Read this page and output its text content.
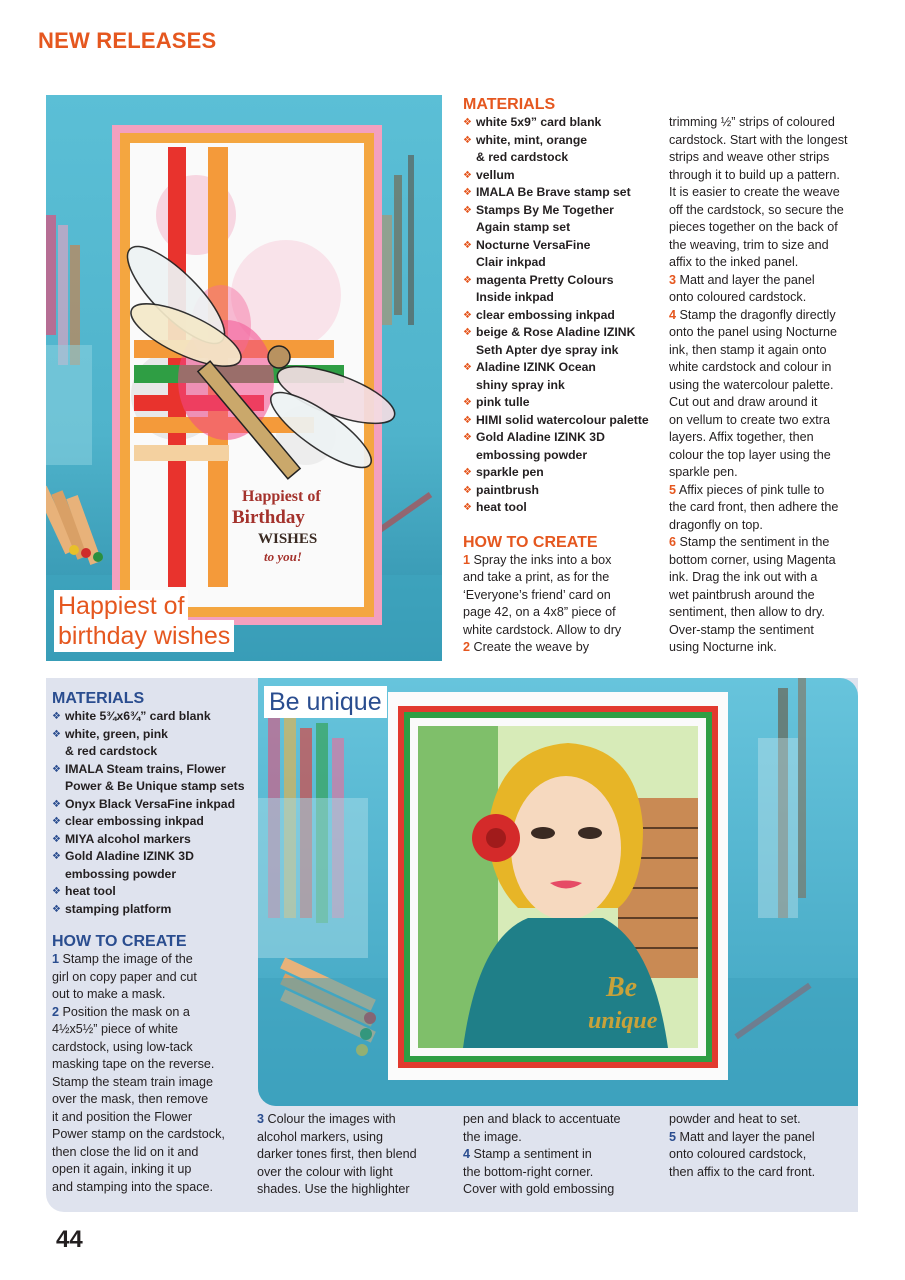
NEW RELEASES
Happiest of
Birthday
WISHES
to you!
Happiest of
birthday wishes

MATERIALS

❖ white 5x9” card blank
❖ white, mint, orange
& red cardstock
❖ vellum
❖ IMALA Be Brave stamp set
❖ Stamps By Me Together
Again stamp set
❖ Nocturne VersaFine
Clair inkpad
❖ magenta Pretty Colours
Inside inkpad
❖ clear embossing inkpad
❖ beige & Rose Aladine IZINK
Seth Apter dye spray ink
❖ Aladine IZINK Ocean
shiny spray ink
❖ pink tulle
❖ HIMI solid watercolour palette
❖ Gold Aladine IZINK 3D
embossing powder
❖ sparkle pen
❖ paintbrush
❖ heat tool

HOW TO CREATE

1 Spray the inks into a box

and take a print, as for the

‘Everyone’s friend’ card on

page 42, on a 4x8” piece of

white cardstock. Allow to dry

2 Create the weave by

trimming ½” strips of coloured

cardstock. Start with the longest

strips and weave other strips

through it to build up a pattern.

It is easier to create the weave

off the cardstock, so secure the

pieces together on the back of

the weaving, trim to size and

affix to the inked panel.

3 Matt and layer the panel

onto coloured cardstock.

4 Stamp the dragonfly directly

onto the panel using Nocturne

ink, then stamp it again onto

white cardstock and colour in

using the watercolour palette.

Cut out and draw around it

on vellum to create two extra

layers. Affix together, then

colour the top layer using the

sparkle pen.

5 Affix pieces of pink tulle to

the card front, then adhere the

dragonfly on top.

6 Stamp the sentiment in the

bottom corner, using Magenta

ink. Drag the ink out with a

wet paintbrush around the

sentiment, then allow to dry.

Over-stamp the sentiment

using Nocturne ink.

MATERIALS

❖ white 5¾x6¾” card blank
❖ white, green, pink
& red cardstock
❖ IMALA Steam trains, Flower
Power & Be Unique stamp sets
❖ Onyx Black VersaFine inkpad
❖ clear embossing inkpad
❖ MIYA alcohol markers
❖ Gold Aladine IZINK 3D
embossing powder
❖ heat tool
❖ stamping platform

HOW TO CREATE

1 Stamp the image of the

girl on copy paper and cut

out to make a mask.

2 Position the mask on a

4½x5½” piece of white

cardstock, using low-tack

masking tape on the reverse.

Stamp the steam train image

over the mask, then remove

it and position the Flower

Power stamp on the cardstock,

then close the lid on it and

open it again, inking it up

and stamping into the space.

Be
unique
Be unique

3 Colour the images with

alcohol markers, using

darker tones first, then blend

over the colour with light

shades. Use the highlighter

pen and black to accentuate

the image.

4 Stamp a sentiment in

the bottom-right corner.

Cover with gold embossing

powder and heat to set.

5 Matt and layer the panel

onto coloured cardstock,

then affix to the card front.

44
